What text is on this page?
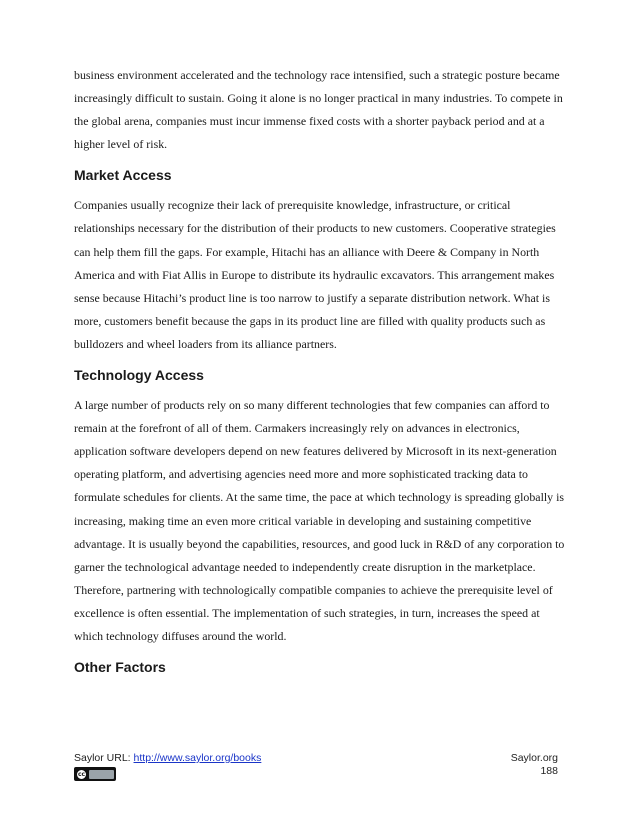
business environment accelerated and the technology race intensified, such a strategic posture became increasingly difficult to sustain. Going it alone is no longer practical in many industries. To compete in the global arena, companies must incur immense fixed costs with a shorter payback period and at a higher level of risk.

Market Access

Companies usually recognize their lack of prerequisite knowledge, infrastructure, or critical relationships necessary for the distribution of their products to new customers. Cooperative strategies can help them fill the gaps. For example, Hitachi has an alliance with Deere & Company in North America and with Fiat Allis in Europe to distribute its hydraulic excavators. This arrangement makes sense because Hitachi’s product line is too narrow to justify a separate distribution network. What is more, customers benefit because the gaps in its product line are filled with quality products such as bulldozers and wheel loaders from its alliance partners.

Technology Access

A large number of products rely on so many different technologies that few companies can afford to remain at the forefront of all of them. Carmakers increasingly rely on advances in electronics, application software developers depend on new features delivered by Microsoft in its next-generation operating platform, and advertising agencies need more and more sophisticated tracking data to formulate schedules for clients. At the same time, the pace at which technology is spreading globally is increasing, making time an even more critical variable in developing and sustaining competitive advantage. It is usually beyond the capabilities, resources, and good luck in R&D of any corporation to garner the technological advantage needed to independently create disruption in the marketplace. Therefore, partnering with technologically compatible companies to achieve the prerequisite level of excellence is often essential. The implementation of such strategies, in turn, increases the speed at which technology diffuses around the world.

Other Factors
Saylor URL: http://www.saylor.org/books	Saylor.org
188
cc
